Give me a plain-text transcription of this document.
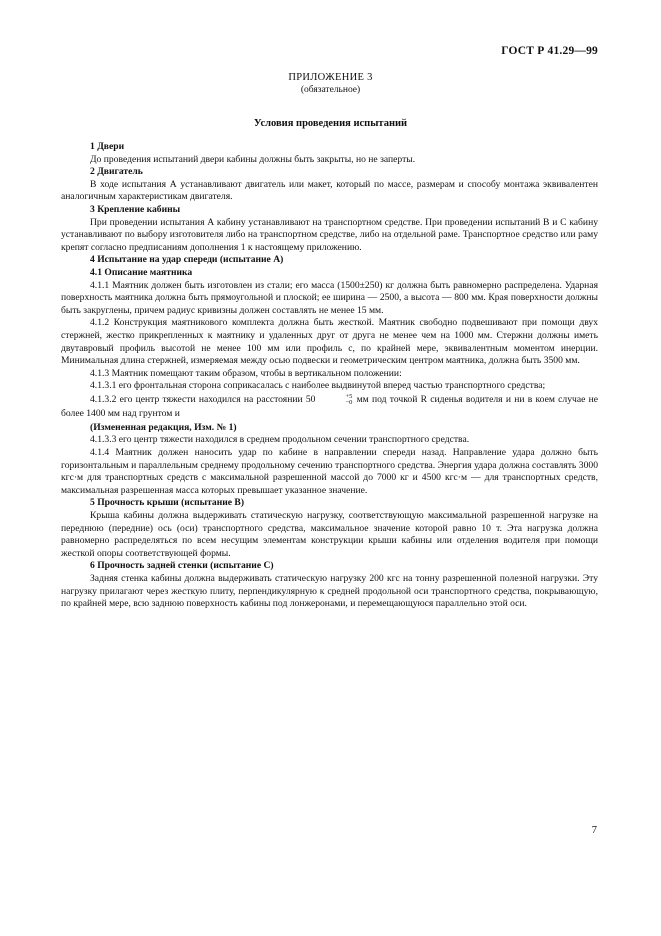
ГОСТ Р 41.29—99
ПРИЛОЖЕНИЕ 3
(обязательное)
Условия проведения испытаний

1 Двери

До проведения испытаний двери кабины должны быть закрыты, но не заперты.

2 Двигатель

В ходе испытания А устанавливают двигатель или макет, который по массе, размерам и способу монтажа эквивалентен аналогичным характеристикам двигателя.

3 Крепление кабины

При проведении испытания А кабину устанавливают на транспортном средстве. При проведении испытаний В и С кабину устанавливают по выбору изготовителя либо на транспортном средстве, либо на отдельной раме. Транспортное средство или раму крепят согласно предписаниям дополнения 1 к настоящему приложению.

4 Испытание на удар спереди (испытание А)

4.1 Описание маятника

4.1.1 Маятник должен быть изготовлен из стали; его масса (1500±250) кг должна быть равномерно распределена. Ударная поверхность маятника должна быть прямоугольной и плоской; ее ширина — 2500, а высота — 800 мм. Края поверхности должны быть закруглены, причем радиус кривизны должен составлять не менее 15 мм.

4.1.2 Конструкция маятникового комплекта должна быть жесткой. Маятник свободно подвешивают при помощи двух стержней, жестко прикрепленных к маятнику и удаленных друг от друга не менее чем на 1000 мм. Стержни должны иметь двутавровый профиль высотой не менее 100 мм или профиль с, по крайней мере, эквивалентным моментом инерции. Минимальная длина стержней, измеряемая между осью подвески и геометрическим центром маятника, должна быть 3500 мм.

4.1.3 Маятник помещают таким образом, чтобы в вертикальном положении:

4.1.3.1 его фронтальная сторона соприкасалась с наиболее выдвинутой вперед частью транспортного средства;

4.1.3.2 его центр тяжести находился на расстоянии 50	+5
−0 мм под точкой R сиденья водителя и ни в коем случае не более 1400 мм над грунтом и

(Измененная редакция, Изм. № 1)

4.1.3.3 его центр тяжести находился в среднем продольном сечении транспортного средства.

4.1.4 Маятник должен наносить удар по кабине в направлении спереди назад. Направление удара должно быть горизонтальным и параллельным среднему продольному сечению транспортного средства. Энергия удара должна составлять 3000 кгс·м для транспортных средств с максимальной разрешенной массой до 7000 кг и 4500 кгс·м — для транспортных средств, максимальная разрешенная масса которых превышает указанное значение.

5 Прочность крыши (испытание В)

Крыша кабины должна выдерживать статическую нагрузку, соответствующую максимальной разрешенной нагрузке на переднюю (передние) ось (оси) транспортного средства, максимальное значение которой равно 10 т. Эта нагрузка должна равномерно распределяться по всем несущим элементам конструкции крыши кабины или отделения водителя при помощи жесткой опоры соответствующей формы.

6 Прочность задней стенки (испытание С)

Задняя стенка кабины должна выдерживать статическую нагрузку 200 кгс на тонну разрешенной полезной нагрузки. Эту нагрузку прилагают через жесткую плиту, перпендикулярную к средней продольной оси транспортного средства, покрывающую, по крайней мере, всю заднюю поверхность кабины под лонжеронами, и перемещающуюся параллельно этой оси.

7
